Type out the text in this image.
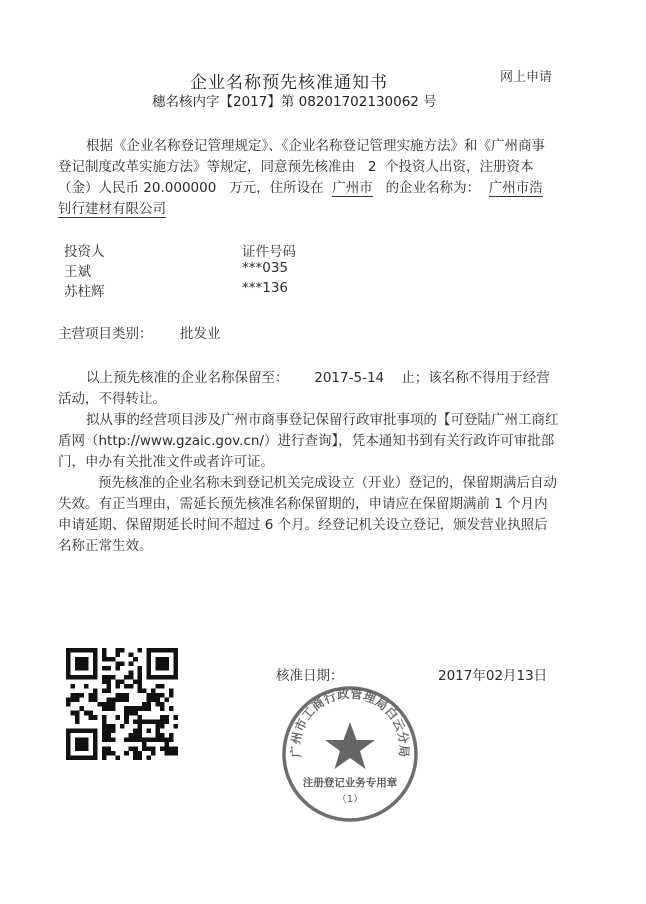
企业名称预先核准通知书	网上申请
穗名核内字【2017】第 08201702130062 号
根据《企业名称登记管理规定》、《企业名称登记管理实施方法》和《广州商事
登记制度改革实施方法》等规定，同意预先核准由 2 个投资人出资，注册资本
（金）人民币 20.000000 万元，住所设在 广州市 的企业名称为： 广州市浩
钊行建材有限公司
投资人	证件号码
王斌	***035
苏柱辉	***136
主营项目类别： 批发业
以上预先核准的企业名称保留至： 2017-5-14 止；该名称不得用于经营
活动，不得转让。
拟从事的经营项目涉及广州市商事登记保留行政审批事项的【可登陆广州工商红
盾网（http://www.gzaic.gov.cn/）进行查询】，凭本通知书到有关行政许可审批部
门，申办有关批准文件或者许可证。
预先核准的企业名称未到登记机关完成设立（开业）登记的，保留期满后自动
失效。有正当理由，需延长预先核准名称保留期的，申请应在保留期满前 1 个月内
申请延期、保留期延长时间不超过 6 个月。经登记机关设立登记，颁发营业执照后
名称正常生效。
核准日期：	2017年02月13日
广州市工商行政管理局白云分局
注册登记业务专用章
（1）
